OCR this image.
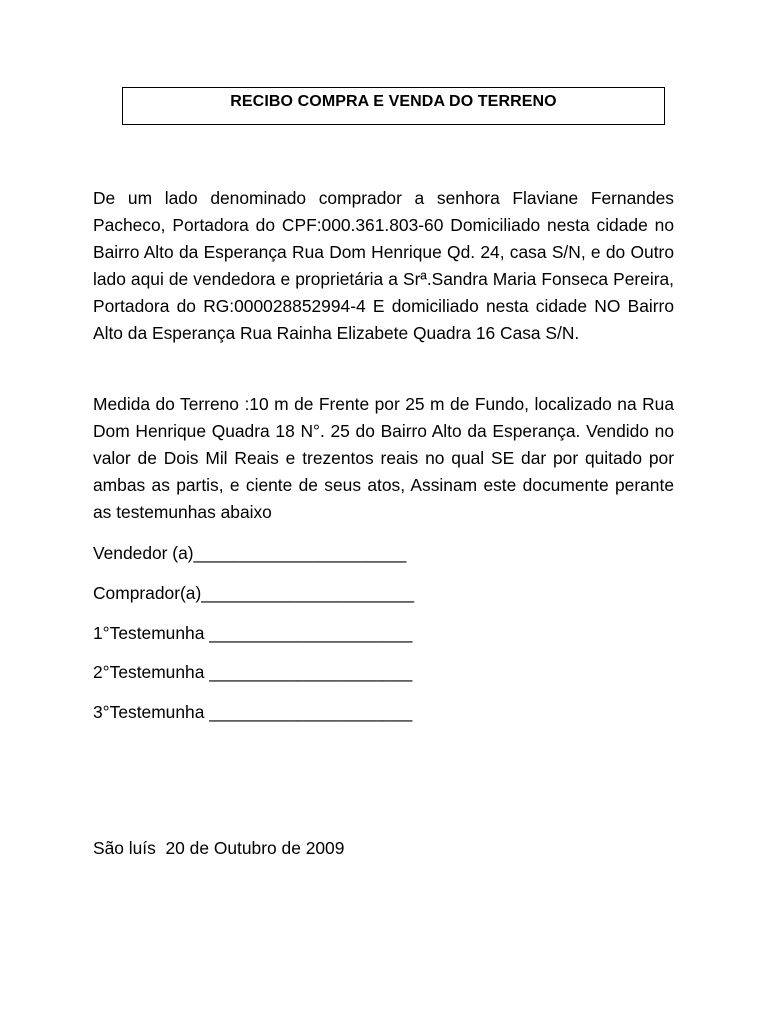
RECIBO COMPRA E VENDA DO TERRENO

De um lado denominado comprador a senhora Flaviane Fernandes Pacheco, Portadora do CPF:000.361.803-60 Domiciliado nesta cidade no Bairro Alto da Esperança Rua Dom Henrique Qd. 24, casa S/N, e do Outro lado aqui de vendedora e proprietária a Srª.Sandra Maria Fonseca Pereira, Portadora do RG:000028852994-4 E domiciliado nesta cidade NO Bairro Alto da Esperança Rua Rainha Elizabete Quadra 16 Casa S/N.

Medida do Terreno :10 m de Frente por 25 m de Fundo, localizado na Rua Dom Henrique Quadra 18 N°. 25 do Bairro Alto da Esperança. Vendido no valor de Dois Mil Reais e trezentos reais no qual SE dar por quitado por ambas as partis, e ciente de seus atos, Assinam este documente perante as testemunhas abaixo

Vendedor (a)______________________
Comprador(a)______________________
1°Testemunha _____________________
2°Testemunha _____________________
3°Testemunha _____________________
São luís  20 de Outubro de 2009
